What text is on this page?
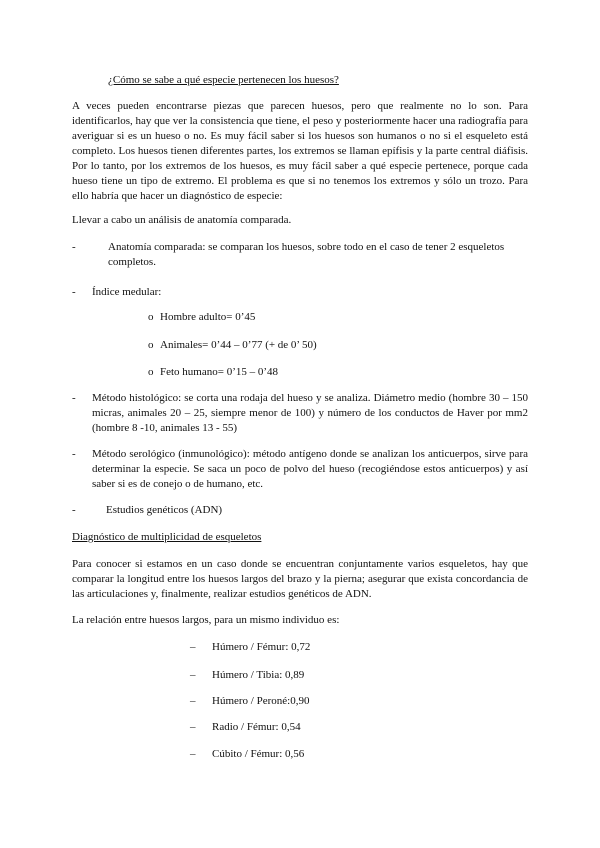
¿Cómo se sabe a qué especie pertenecen los huesos?
A veces pueden encontrarse piezas que parecen huesos, pero que realmente no lo son. Para identificarlos, hay que ver la consistencia que tiene, el peso y posteriormente hacer una radiografía para averiguar si es un hueso o no. Es muy fácil saber si los huesos son humanos o no si el esqueleto está completo. Los huesos tienen diferentes partes, los extremos se llaman epífisis y la parte central diáfisis. Por lo tanto, por los extremos de los huesos, es muy fácil saber a qué especie pertenece, porque cada hueso tiene un tipo de extremo. El problema es que si no tenemos los extremos y sólo un trozo. Para ello habría que hacer un diagnóstico de especie:
Llevar a cabo un análisis de anatomía comparada.
-	Anatomía comparada: se comparan los huesos, sobre todo en el caso de tener 2 esqueletos completos.
- Índice medular:
o Hombre adulto= 0’45
o Animales= 0’44 – 0’77 (+ de 0’ 50)
o Feto humano= 0’15 – 0’48
- Método histológico: se corta una rodaja del hueso y se analiza. Diámetro medio (hombre 30 – 150 micras, animales 20 – 25, siempre menor de 100) y número de los conductos de Haver por mm2 (hombre 8 -10, animales 13 - 55)
- Método serológico (inmunológico): método antígeno donde se analizan los anticuerpos, sirve para determinar la especie. Se saca un poco de polvo del hueso (recogiéndose estos anticuerpos) y así saber si es de conejo o de humano, etc.
-	Estudios genéticos (ADN)
Diagnóstico de multiplicidad de esqueletos
Para conocer si estamos en un caso donde se encuentran conjuntamente varios esqueletos, hay que comparar la longitud entre los huesos largos del brazo y la pierna; asegurar que exista concordancia de las articulaciones y, finalmente, realizar estudios genéticos de ADN.
La relación entre huesos largos, para un mismo individuo es:
– Húmero / Fémur: 0,72
– Húmero / Tibia: 0,89
– Húmero / Peroné:0,90
– Radio / Fémur: 0,54
– Cúbito / Fémur: 0,56
